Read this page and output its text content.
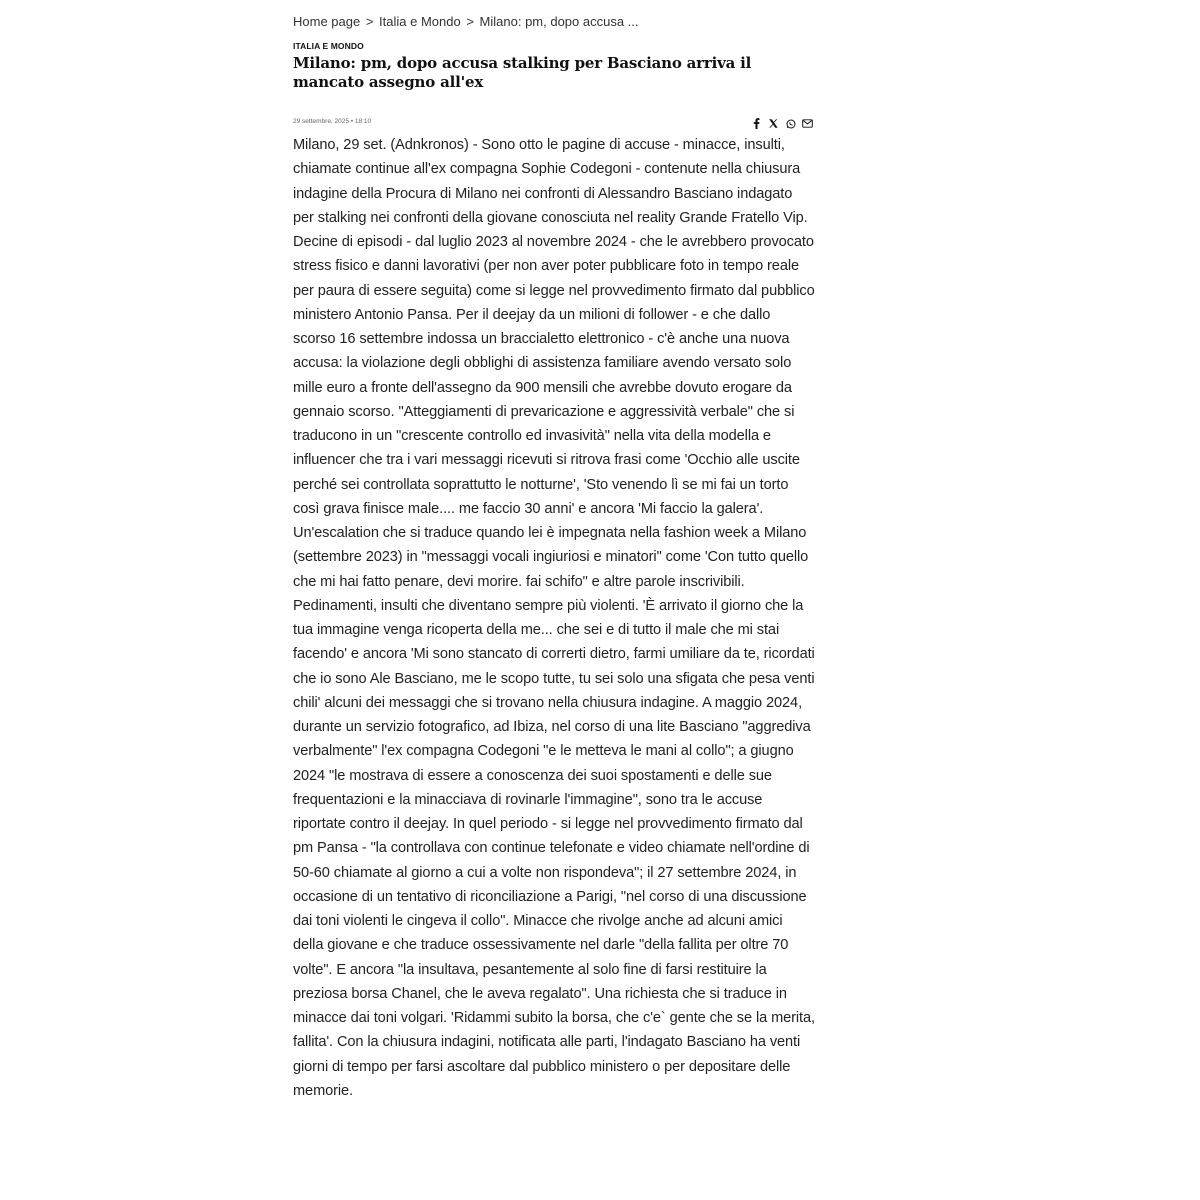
Home page > Italia e Mondo > Milano: pm, dopo accusa ...
ITALIA E MONDO
Milano: pm, dopo accusa stalking per Basciano arriva il mancato assegno all'ex
29 settembre, 2025 • 18:10

Milano, 29 set. (Adnkronos) - Sono otto le pagine di accuse - minacce, insulti, chiamate continue all'ex compagna Sophie Codegoni - contenute nella chiusura indagine della Procura di Milano nei confronti di Alessandro Basciano indagato per stalking nei confronti della giovane conosciuta nel reality Grande Fratello Vip. Decine di episodi - dal luglio 2023 al novembre 2024 - che le avrebbero provocato stress fisico e danni lavorativi (per non aver poter pubblicare foto in tempo reale per paura di essere seguita) come si legge nel provvedimento firmato dal pubblico ministero Antonio Pansa. Per il deejay da un milioni di follower - e che dallo scorso 16 settembre indossa un braccialetto elettronico - c'è anche una nuova accusa: la violazione degli obblighi di assistenza familiare avendo versato solo mille euro a fronte dell'assegno da 900 mensili che avrebbe dovuto erogare da gennaio scorso. "Atteggiamenti di prevaricazione e aggressività verbale" che si traducono in un "crescente controllo ed invasività" nella vita della modella e influencer che tra i vari messaggi ricevuti si ritrova frasi come 'Occhio alle uscite perché sei controllata soprattutto le notturne', 'Sto venendo lì se mi fai un torto così grava finisce male.... me faccio 30 anni' e ancora 'Mi faccio la galera'. Un'escalation che si traduce quando lei è impegnata nella fashion week a Milano (settembre 2023) in "messaggi vocali ingiuriosi e minatori" come 'Con tutto quello che mi hai fatto penare, devi morire. fai schifo" e altre parole inscrivibili. Pedinamenti, insulti che diventano sempre più violenti. 'È arrivato il giorno che la tua immagine venga ricoperta della me... che sei e di tutto il male che mi stai facendo' e ancora 'Mi sono stancato di correrti dietro, farmi umiliare da te, ricordati che io sono Ale Basciano, me le scopo tutte, tu sei solo una sfigata che pesa venti chili' alcuni dei messaggi che si trovano nella chiusura indagine. A maggio 2024, durante un servizio fotografico, ad Ibiza, nel corso di una lite Basciano "aggrediva verbalmente" l'ex compagna Codegoni "e le metteva le mani al collo"; a giugno 2024 "le mostrava di essere a conoscenza dei suoi spostamenti e delle sue frequentazioni e la minacciava di rovinarle l'immagine", sono tra le accuse riportate contro il deejay. In quel periodo - si legge nel provvedimento firmato dal pm Pansa - "la controllava con continue telefonate e video chiamate nell'ordine di 50-60 chiamate al giorno a cui a volte non rispondeva"; il 27 settembre 2024, in occasione di un tentativo di riconciliazione a Parigi, "nel corso di una discussione dai toni violenti le cingeva il collo". Minacce che rivolge anche ad alcuni amici della giovane e che traduce ossessivamente nel darle "della fallita per oltre 70 volte". E ancora "la insultava, pesantemente al solo fine di farsi restituire la preziosa borsa Chanel, che le aveva regalato". Una richiesta che si traduce in minacce dai toni volgari. 'Ridammi subito la borsa, che c'e` gente che se la merita, fallita'. Con la chiusura indagini, notificata alle parti, l'indagato Basciano ha venti giorni di tempo per farsi ascoltare dal pubblico ministero o per depositare delle memorie.
